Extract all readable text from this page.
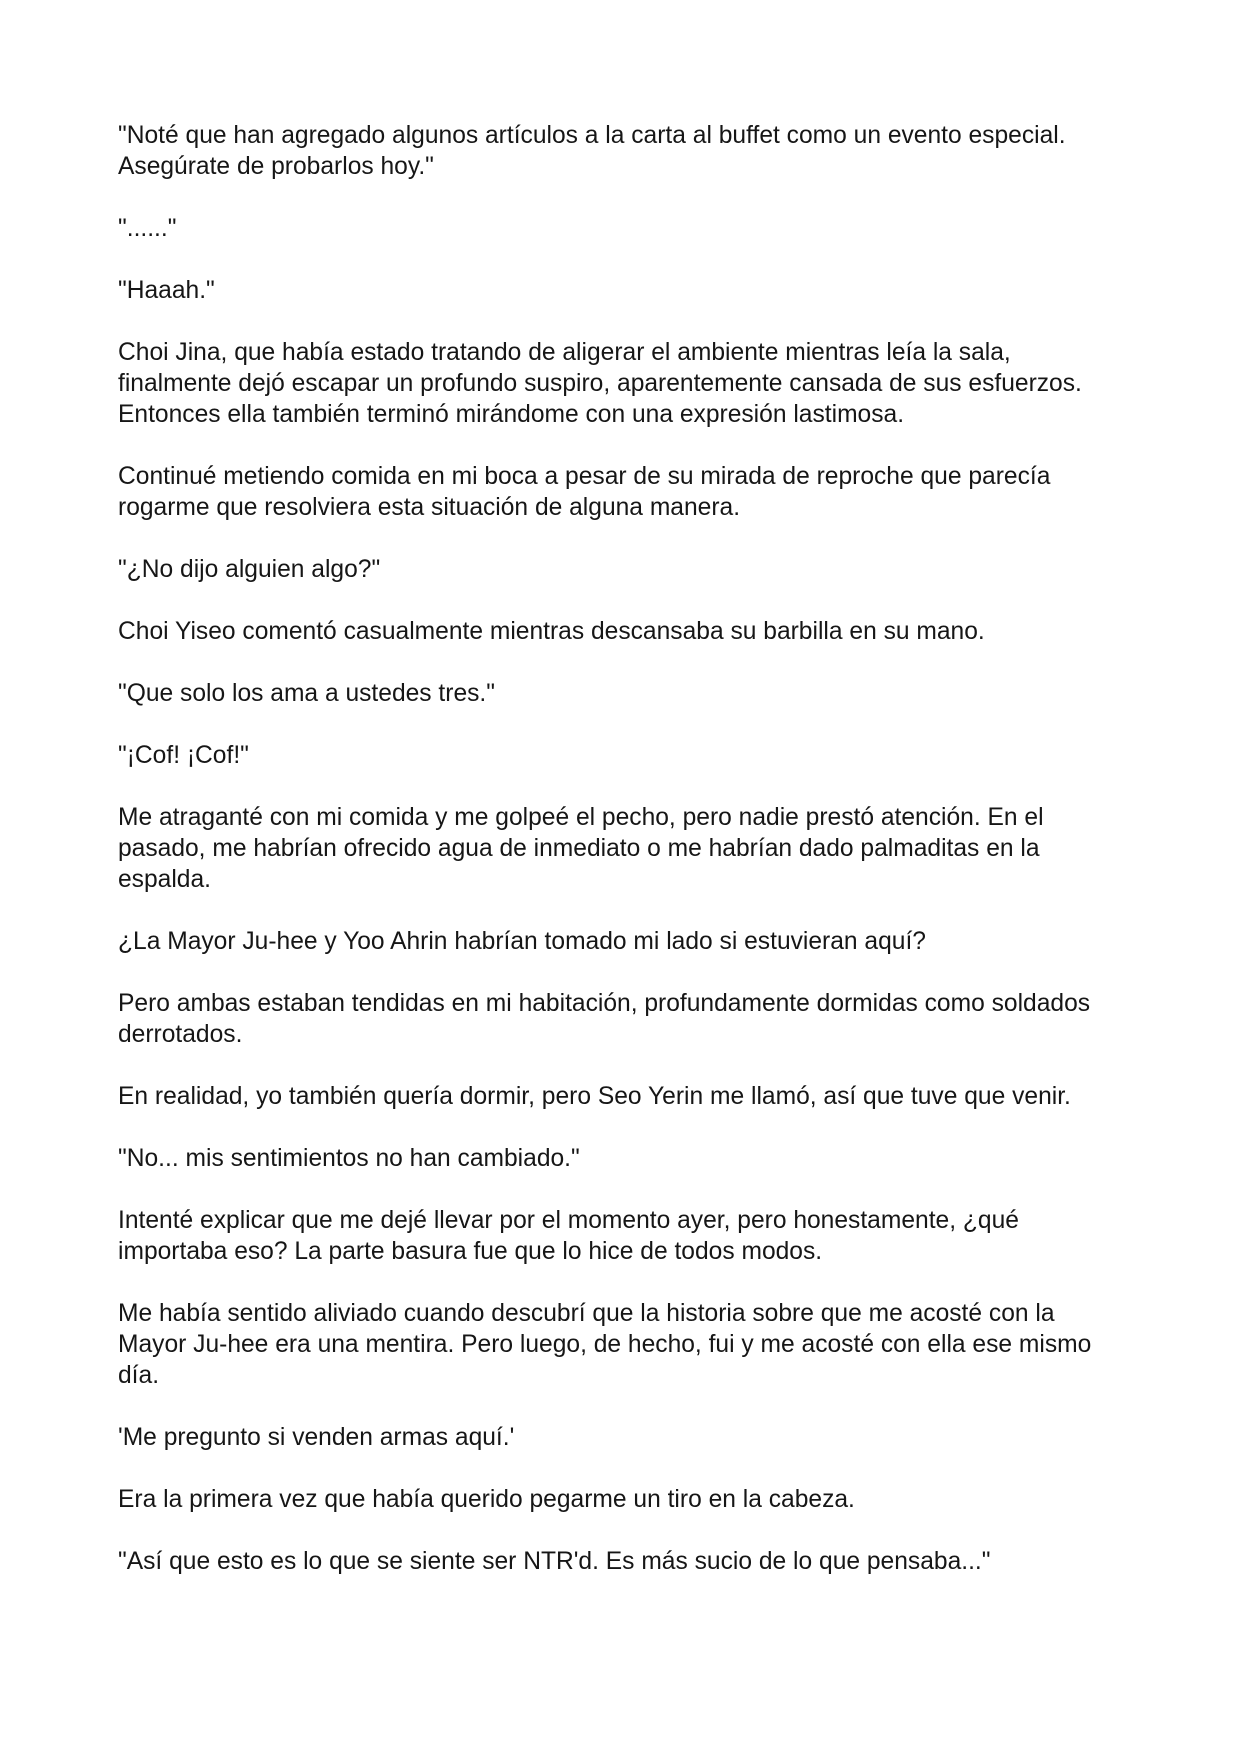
"Noté que han agregado algunos artículos a la carta al buffet como un evento especial. Asegúrate de probarlos hoy."

"......"

"Haaah."

Choi Jina, que había estado tratando de aligerar el ambiente mientras leía la sala, finalmente dejó escapar un profundo suspiro, aparentemente cansada de sus esfuerzos. Entonces ella también terminó mirándome con una expresión lastimosa.

Continué metiendo comida en mi boca a pesar de su mirada de reproche que parecía rogarme que resolviera esta situación de alguna manera.

"¿No dijo alguien algo?"

Choi Yiseo comentó casualmente mientras descansaba su barbilla en su mano.

"Que solo los ama a ustedes tres."

"¡Cof! ¡Cof!"

Me atraganté con mi comida y me golpeé el pecho, pero nadie prestó atención. En el pasado, me habrían ofrecido agua de inmediato o me habrían dado palmaditas en la espalda.

¿La Mayor Ju-hee y Yoo Ahrin habrían tomado mi lado si estuvieran aquí?

Pero ambas estaban tendidas en mi habitación, profundamente dormidas como soldados derrotados.

En realidad, yo también quería dormir, pero Seo Yerin me llamó, así que tuve que venir.

"No... mis sentimientos no han cambiado."

Intenté explicar que me dejé llevar por el momento ayer, pero honestamente, ¿qué importaba eso? La parte basura fue que lo hice de todos modos.

Me había sentido aliviado cuando descubrí que la historia sobre que me acosté con la Mayor Ju-hee era una mentira. Pero luego, de hecho, fui y me acosté con ella ese mismo día.

'Me pregunto si venden armas aquí.'

Era la primera vez que había querido pegarme un tiro en la cabeza.

"Así que esto es lo que se siente ser NTR'd. Es más sucio de lo que pensaba..."
